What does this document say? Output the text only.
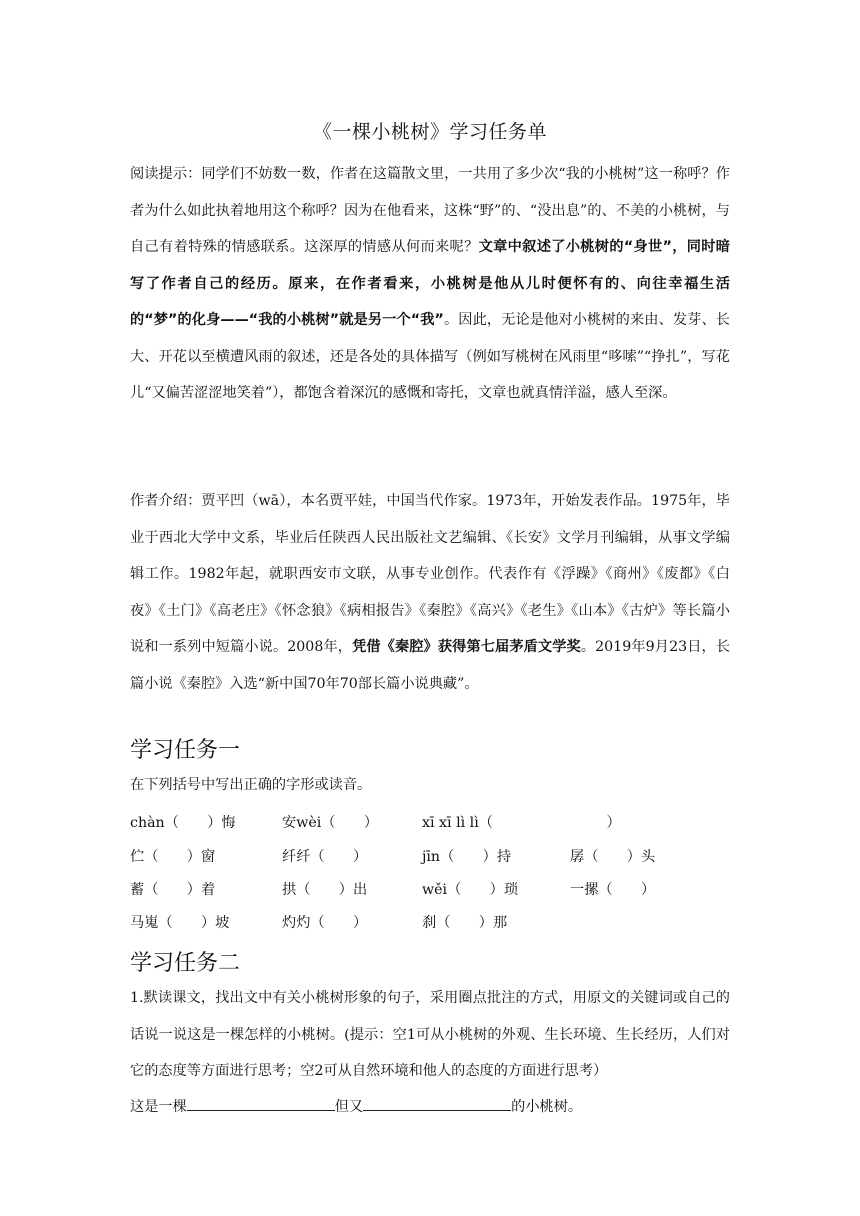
《一棵小桃树》学习任务单

阅读提示：同学们不妨数一数，作者在这篇散文里，一共用了多少次“我的小桃树”这一称呼？作者为什么如此执着地用这个称呼？因为在他看来，这株“野”的、“没出息”的、不美的小桃树，与自己有着特殊的情感联系。这深厚的情感从何而来呢？文章中叙述了小桃树的“身世”，同时暗写了作者自己的经历。原来，在作者看来，小桃树是他从儿时便怀有的、向往幸福生活的“梦”的化身——“我的小桃树”就是另一个“我”。因此，无论是他对小桃树的来由、发芽、长大、开花以至横遭风雨的叙述，还是各处的具体描写（例如写桃树在风雨里“哆嗦”“挣扎”，写花儿“又偏苦涩涩地笑着”），都饱含着深沉的感慨和寄托，文章也就真情洋溢，感人至深。

作者介绍：贾平凹（wā），本名贾平娃，中国当代作家。1973年，开始发表作品。1975年，毕业于西北大学中文系，毕业后任陕西人民出版社文艺编辑、《长安》文学月刊编辑，从事文学编辑工作。1982年起，就职西安市文联，从事专业创作。代表作有《浮躁》《商州》《废都》《白夜》《土门》《高老庄》《怀念狼》《病相报告》《秦腔》《高兴》《老生》《山本》《古炉》等长篇小说和一系列中短篇小说。2008年，凭借《秦腔》获得第七届茅盾文学奖。2019年9月23日，长篇小说《秦腔》入选“新中国70年70部长篇小说典藏”。

学习任务一
在下列括号中写出正确的字形或读音。
chàn（　　）悔	安wèi（　　）	xī xī lì lì（　　　　　　　　）
伫（　　）窗	纤纤（　　）	jīn（　　）持	孱（　　）头
蓄（　　）着	拱（　　）出	wěi（　　）琐	一摞（　　）
马嵬（　　）坡	灼灼（　　）	刹（　　）那
学习任务二

1.默读课文，找出文中有关小桃树形象的句子，采用圈点批注的方式，用原文的关键词或自己的话说一说这是一棵怎样的小桃树。(提示：空1可从小桃树的外观、生长环境、生长经历，人们对它的态度等方面进行思考；空2可从自然环境和他人的态度的方面进行思考）

这是一棵	但又	的小桃树。
